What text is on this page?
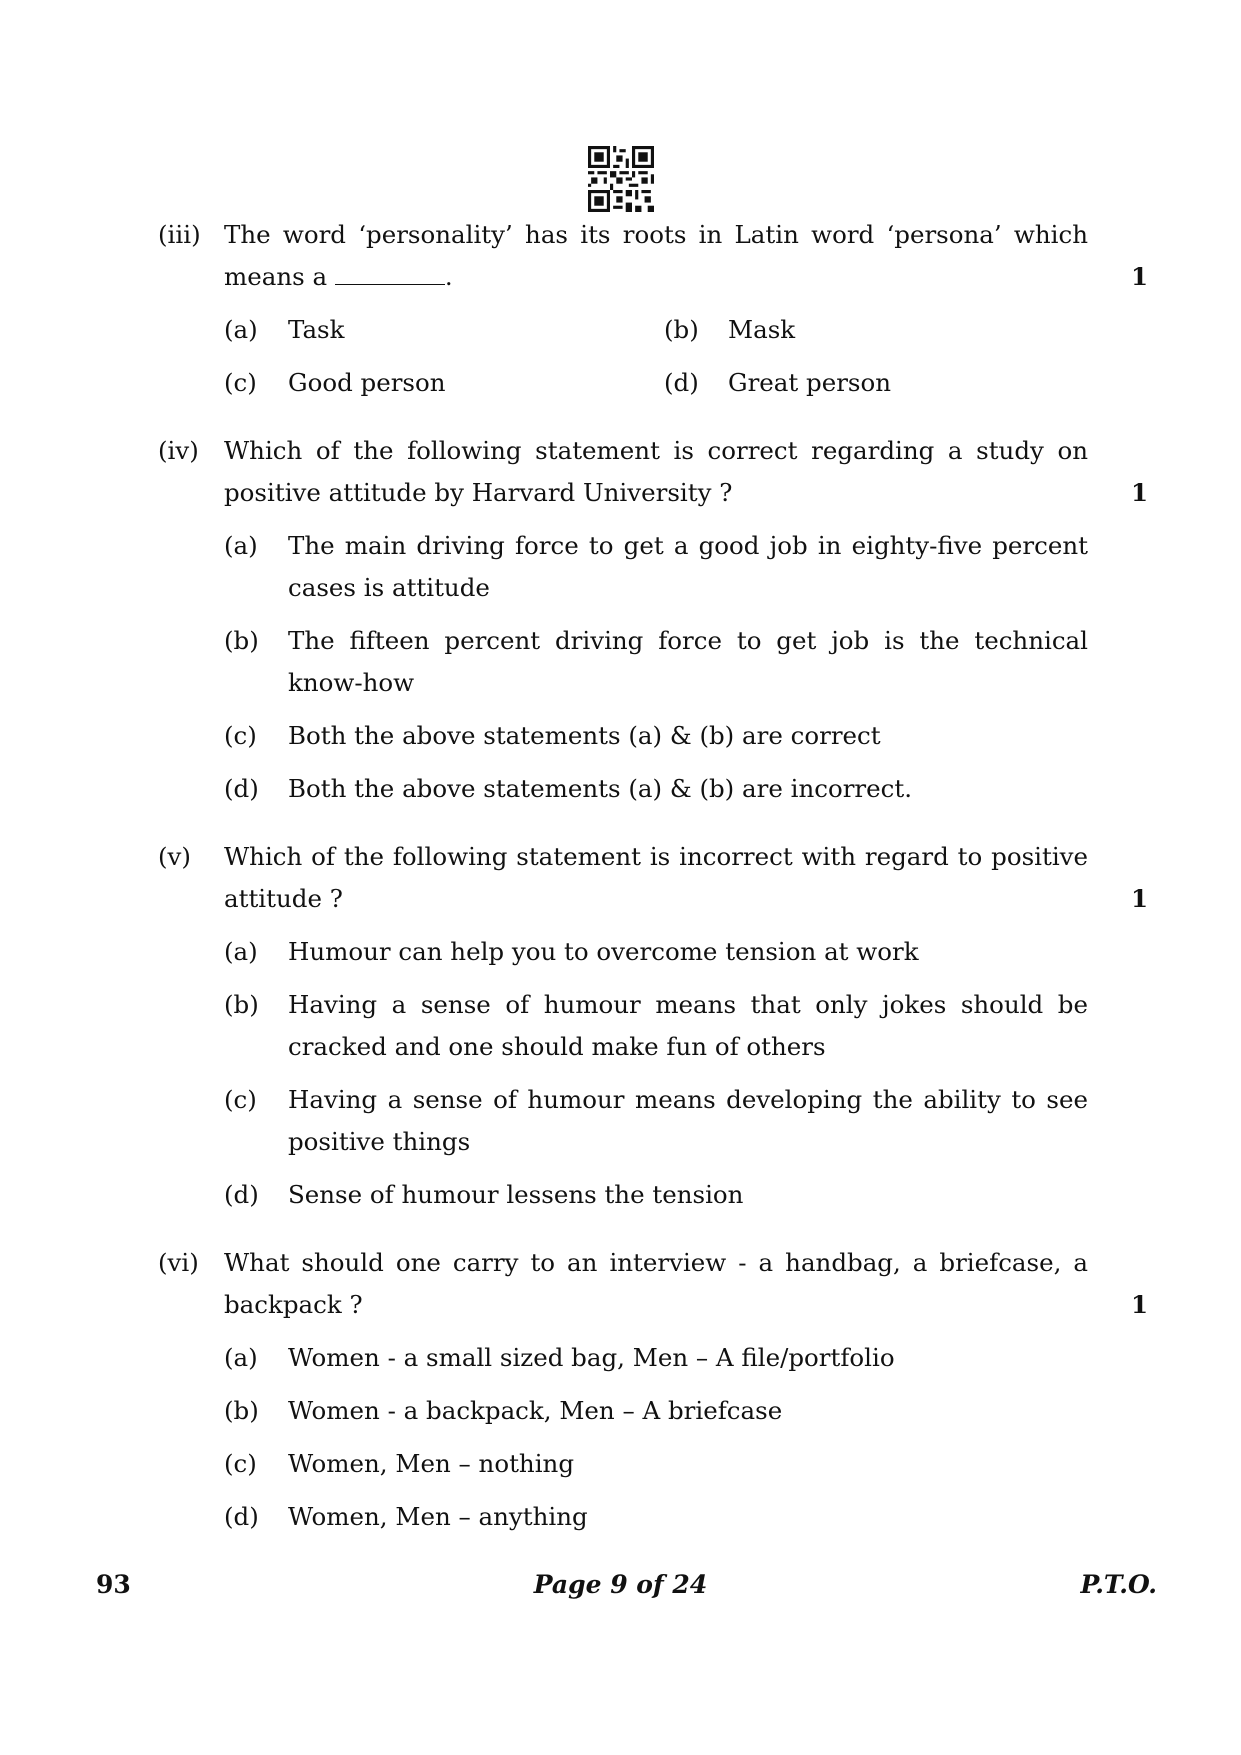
(iii) The word ‘personality’ has its roots in Latin word ‘persona’ which means a	.	1
(a) Task	(b) Mask
(c) Good person	(d) Great person
(iv) Which of the following statement is correct regarding a study on positive attitude by Harvard University ?	1
(a) The main driving force to get a good job in eighty-five percent cases is attitude
(b) The fifteen percent driving force to get job is the technical know-how
(c) Both the above statements (a) & (b) are correct
(d) Both the above statements (a) & (b) are incorrect.
(v) Which of the following statement is incorrect with regard to positive attitude ?	1
(a) Humour can help you to overcome tension at work
(b) Having a sense of humour means that only jokes should be cracked and one should make fun of others
(c) Having a sense of humour means developing the ability to see positive things
(d) Sense of humour lessens the tension
(vi) What should one carry to an interview - a handbag, a briefcase, a backpack ?	1
(a) Women - a small sized bag, Men – A file/portfolio
(b) Women - a backpack, Men – A briefcase
(c) Women, Men – nothing
(d) Women, Men – anything
93	Page 9 of 24	P.T.O.
